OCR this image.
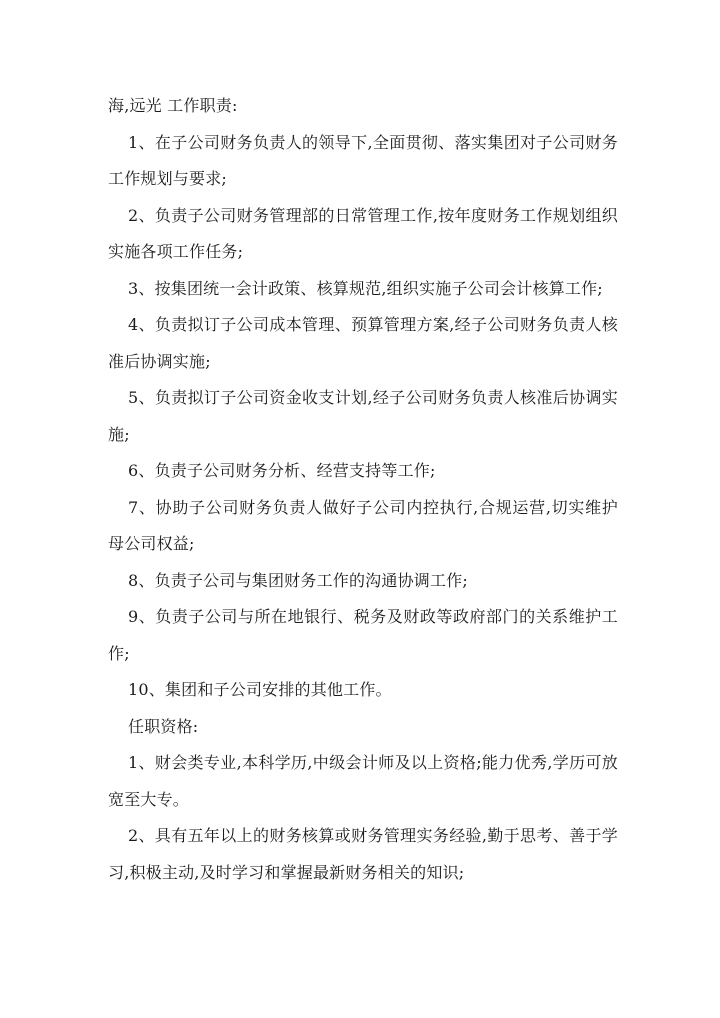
海,远光 工作职责:

1、在子公司财务负责人的领导下,全面贯彻、落实集团对子公司财务工作规划与要求;

2、负责子公司财务管理部的日常管理工作,按年度财务工作规划组织实施各项工作任务;

3、按集团统一会计政策、核算规范,组织实施子公司会计核算工作;

4、负责拟订子公司成本管理、预算管理方案,经子公司财务负责人核准后协调实施;

5、负责拟订子公司资金收支计划,经子公司财务负责人核准后协调实施;

6、负责子公司财务分析、经营支持等工作;

7、协助子公司财务负责人做好子公司内控执行,合规运营,切实维护母公司权益;

8、负责子公司与集团财务工作的沟通协调工作;

9、负责子公司与所在地银行、税务及财政等政府部门的关系维护工作;

10、集团和子公司安排的其他工作。

任职资格:

1、财会类专业,本科学历,中级会计师及以上资格;能力优秀,学历可放宽至大专。

2、具有五年以上的财务核算或财务管理实务经验,勤于思考、善于学习,积极主动,及时学习和掌握最新财务相关的知识;
